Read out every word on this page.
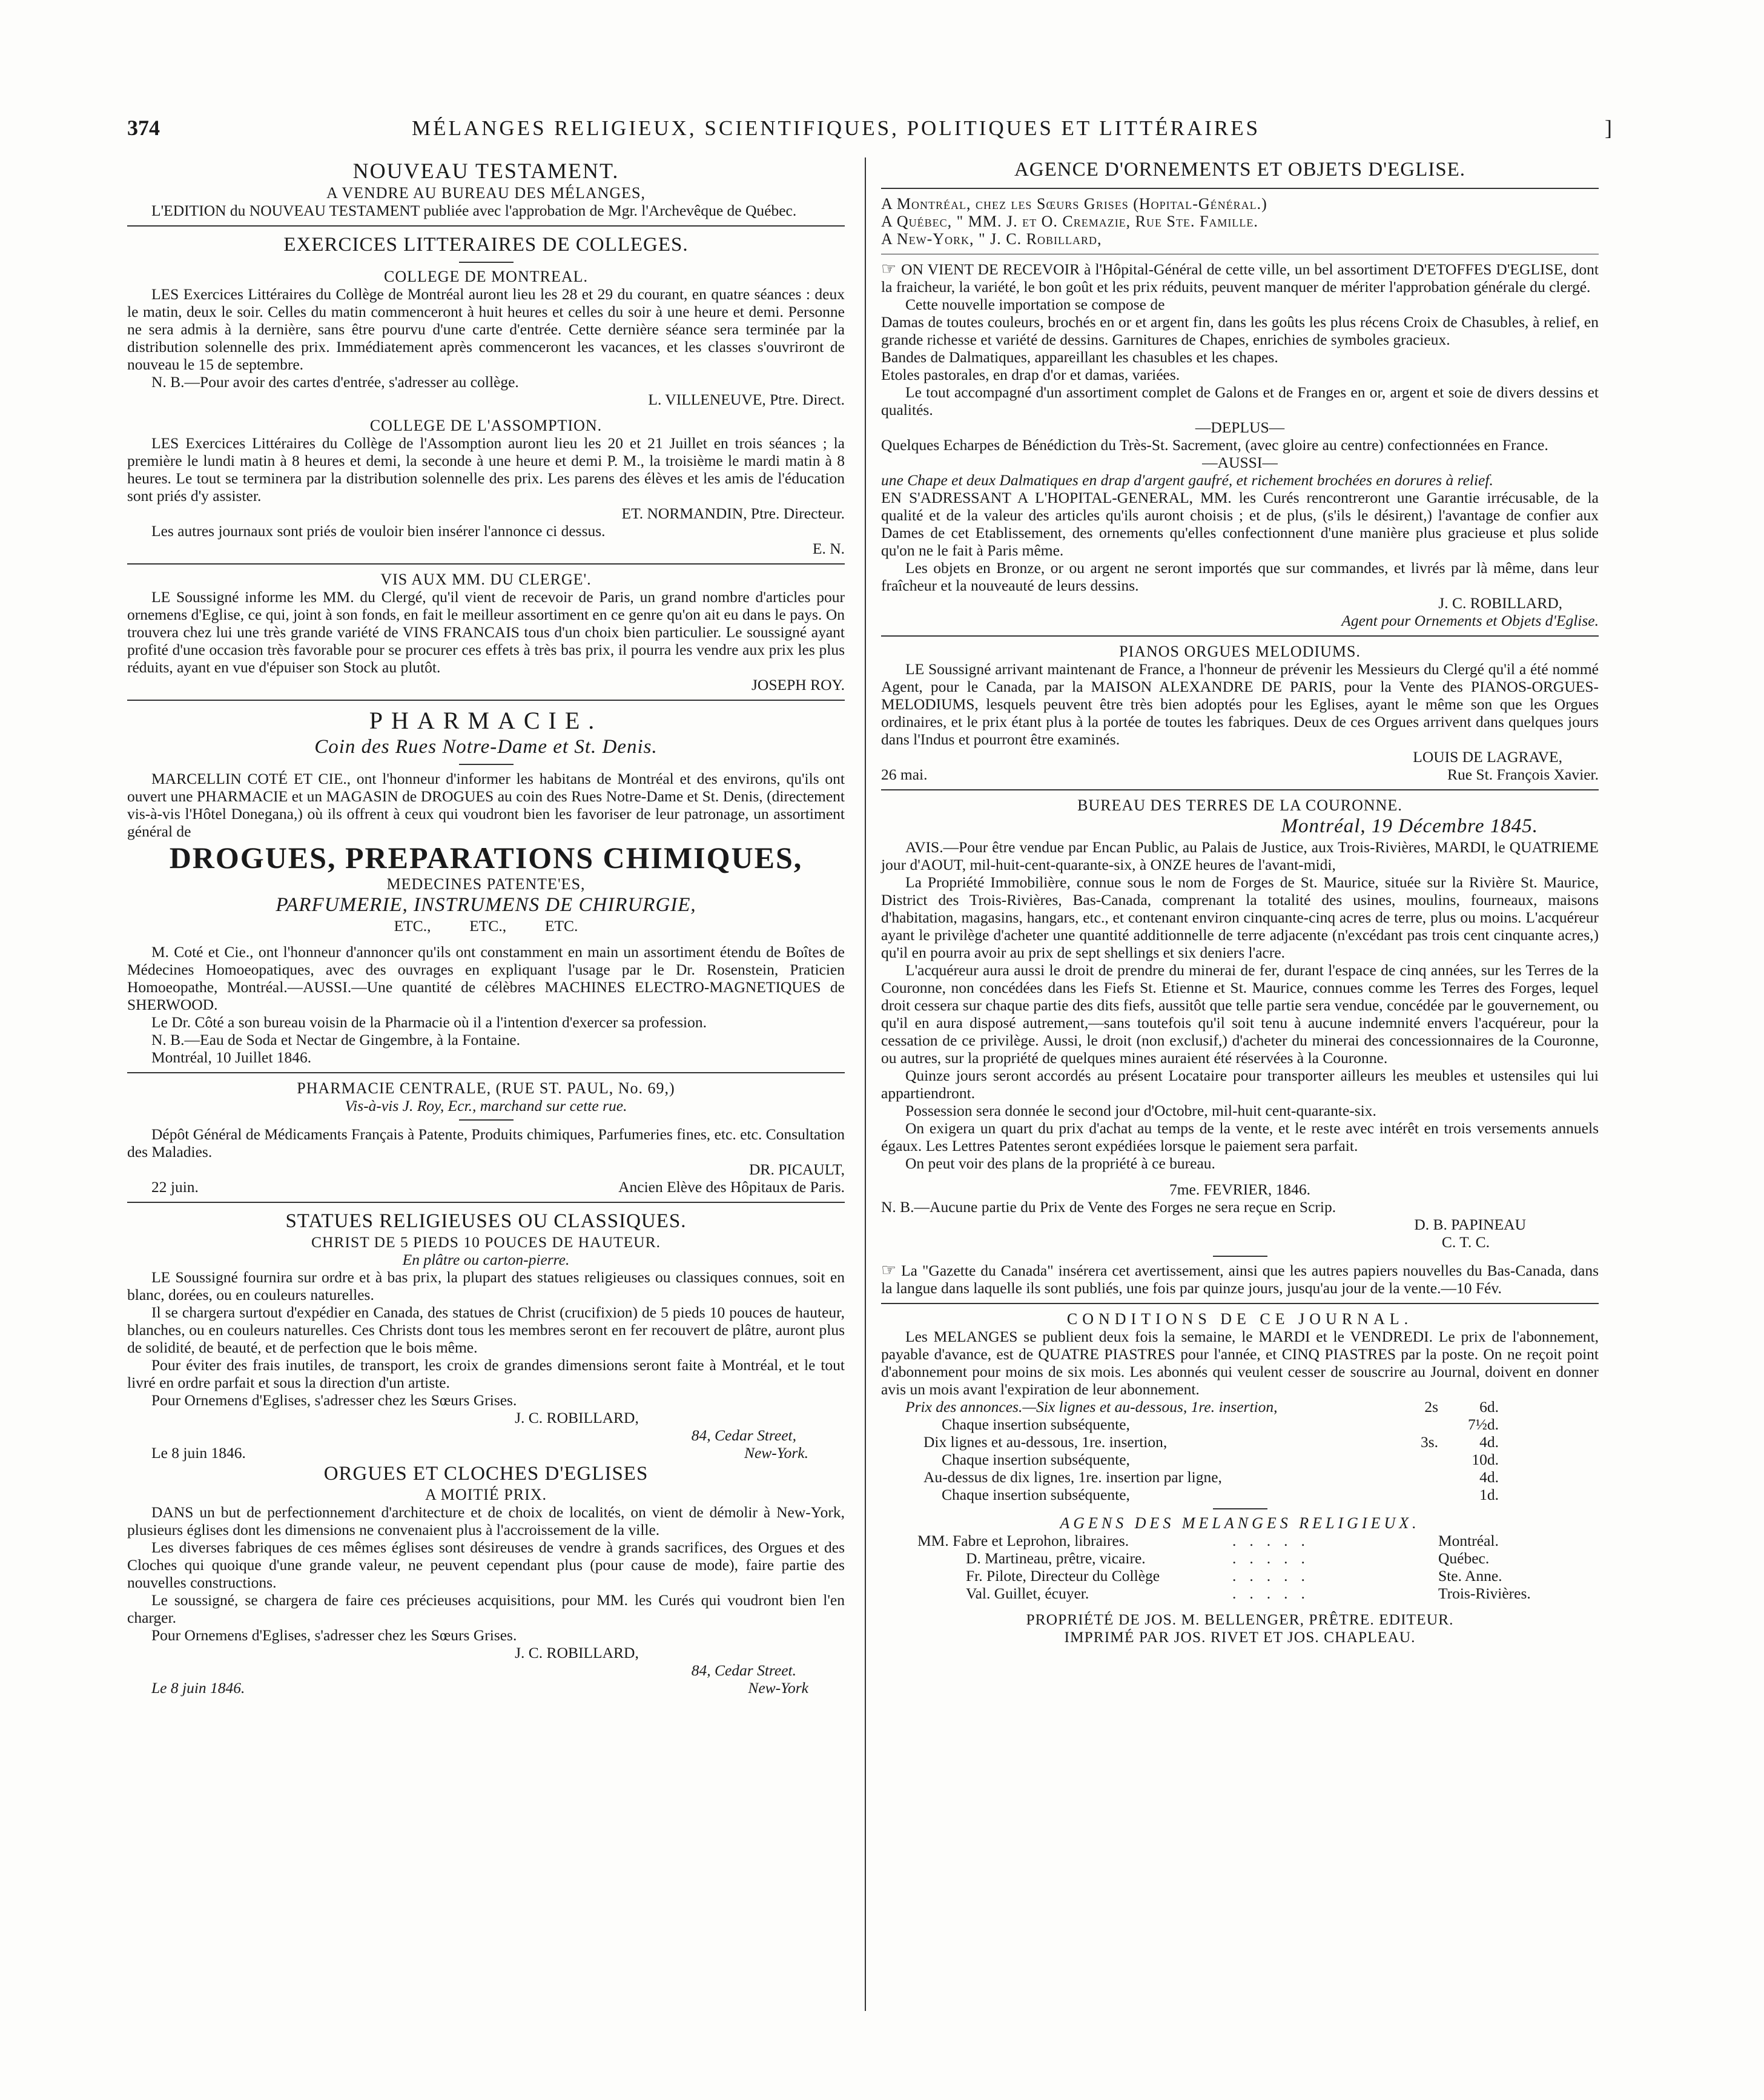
374	MÉLANGES RELIGIEUX, SCIENTIFIQUES, POLITIQUES ET LITTÉRAIRES	]

NOUVEAU TESTAMENT.

A VENDRE AU BUREAU DES MÉLANGES,

L'EDITION du NOUVEAU TESTAMENT publiée avec l'approbation de Mgr. l'Archevêque de Québec.

EXERCICES LITTERAIRES DE COLLEGES.

COLLEGE DE MONTREAL.

LES Exercices Littéraires du Collège de Montréal auront lieu les 28 et 29 du courant, en quatre séances : deux le matin, deux le soir. Celles du matin commenceront à huit heures et celles du soir à une heure et demi. Personne ne sera admis à la dernière, sans être pourvu d'une carte d'entrée. Cette dernière séance sera terminée par la distribution solennelle des prix. Immédiatement après commenceront les vacances, et les classes s'ouvriront de nouveau le 15 de septembre.

N. B.—Pour avoir des cartes d'entrée, s'adresser au collège.

L. VILLENEUVE, Ptre. Direct.

COLLEGE DE L'ASSOMPTION.

LES Exercices Littéraires du Collège de l'Assomption auront lieu les 20 et 21 Juillet en trois séances ; la première le lundi matin à 8 heures et demi, la seconde à une heure et demi P. M., la troisième le mardi matin à 8 heures. Le tout se terminera par la distribution solennelle des prix. Les parens des élèves et les amis de l'éducation sont priés d'y assister.

ET. NORMANDIN, Ptre. Directeur.

Les autres journaux sont priés de vouloir bien insérer l'annonce ci dessus.

E. N.

VIS AUX MM. DU CLERGE'.

LE Soussigné informe les MM. du Clergé, qu'il vient de recevoir de Paris, un grand nombre d'articles pour ornemens d'Eglise, ce qui, joint à son fonds, en fait le meilleur assortiment en ce genre qu'on ait eu dans le pays. On trouvera chez lui une très grande variété de VINS FRANCAIS tous d'un choix bien particulier. Le soussigné ayant profité d'une occasion très favorable pour se procurer ces effets à très bas prix, il pourra les vendre aux prix les plus réduits, ayant en vue d'épuiser son Stock au plutôt.

JOSEPH ROY.

PHARMACIE.

Coin des Rues Notre-Dame et St. Denis.

MARCELLIN COTÉ ET CIE., ont l'honneur d'informer les habitans de Montréal et des environs, qu'ils ont ouvert une PHARMACIE et un MAGASIN de DROGUES au coin des Rues Notre-Dame et St. Denis, (directement vis-à-vis l'Hôtel Donegana,) où ils offrent à ceux qui voudront bien les favoriser de leur patronage, un assortiment général de

DROGUES, PREPARATIONS CHIMIQUES,

MEDECINES PATENTE'ES,

PARFUMERIE, INSTRUMENS DE CHIRURGIE,

ETC.,          ETC.,          ETC.

M. Coté et Cie., ont l'honneur d'annoncer qu'ils ont constamment en main un assortiment étendu de Boîtes de Médecines Homoeopatiques, avec des ouvrages en expliquant l'usage par le Dr. Rosenstein, Praticien Homoeopathe, Montréal.—AUSSI.—Une quantité de célèbres MACHINES ELECTRO-MAGNETIQUES de SHERWOOD.

Le Dr. Côté a son bureau voisin de la Pharmacie où il a l'intention d'exercer sa profession.

N. B.—Eau de Soda et Nectar de Gingembre, à la Fontaine.

Montréal, 10 Juillet 1846.

PHARMACIE CENTRALE, (RUE ST. PAUL, No. 69,)

Vis-à-vis J. Roy, Ecr., marchand sur cette rue.

Dépôt Général de Médicaments Français à Patente, Produits chimiques, Parfumeries fines, etc. etc. Consultation des Maladies.

DR. PICAULT,

22 juin.	Ancien Elève des Hôpitaux de Paris.

STATUES RELIGIEUSES OU CLASSIQUES.

CHRIST DE 5 PIEDS 10 POUCES DE HAUTEUR.

En plâtre ou carton-pierre.

LE Soussigné fournira sur ordre et à bas prix, la plupart des statues religieuses ou classiques connues, soit en blanc, dorées, ou en couleurs naturelles.

Il se chargera surtout d'expédier en Canada, des statues de Christ (crucifixion) de 5 pieds 10 pouces de hauteur, blanches, ou en couleurs naturelles. Ces Christs dont tous les membres seront en fer recouvert de plâtre, auront plus de solidité, de beauté, et de perfection que le bois même.

Pour éviter des frais inutiles, de transport, les croix de grandes dimensions seront faite à Montréal, et le tout livré en ordre parfait et sous la direction d'un artiste.

Pour Ornemens d'Eglises, s'adresser chez les Sœurs Grises.

J. C. ROBILLARD,

84, Cedar Street,

Le 8 juin 1846.	New-York.

ORGUES ET CLOCHES D'EGLISES

A MOITIÉ PRIX.

DANS un but de perfectionnement d'architecture et de choix de localités, on vient de démolir à New-York, plusieurs églises dont les dimensions ne convenaient plus à l'accroissement de la ville.

Les diverses fabriques de ces mêmes églises sont désireuses de vendre à grands sacrifices, des Orgues et des Cloches qui quoique d'une grande valeur, ne peuvent cependant plus (pour cause de mode), faire partie des nouvelles constructions.

Le soussigné, se chargera de faire ces précieuses acquisitions, pour MM. les Curés qui voudront bien l'en charger.

Pour Ornemens d'Eglises, s'adresser chez les Sœurs Grises.

J. C. ROBILLARD,

84, Cedar Street.

Le 8 juin 1846.	New-York

AGENCE D'ORNEMENTS ET OBJETS D'EGLISE.

A Montréal, chez les Sœurs Grises (Hopital-Général.)

A Québec, " MM. J. et O. Cremazie, Rue Ste. Famille.

A New-York, " J. C. Robillard,

☞ ON VIENT DE RECEVOIR à l'Hôpital-Général de cette ville, un bel assortiment D'ETOFFES D'EGLISE, dont la fraicheur, la variété, le bon goût et les prix réduits, peuvent manquer de mériter l'approbation générale du clergé.

Cette nouvelle importation se compose de

Damas de toutes couleurs, brochés en or et argent fin, dans les goûts les plus récens Croix de Chasubles, à relief, en grande richesse et variété de dessins. Garnitures de Chapes, enrichies de symboles gracieux.

Bandes de Dalmatiques, appareillant les chasubles et les chapes.

Etoles pastorales, en drap d'or et damas, variées.

Le tout accompagné d'un assortiment complet de Galons et de Franges en or, argent et soie de divers dessins et qualités.

—DEPLUS—

Quelques Echarpes de Bénédiction du Très-St. Sacrement, (avec gloire au centre) confectionnées en France.

—AUSSI—

une Chape et deux Dalmatiques en drap d'argent gaufré, et richement brochées en dorures à relief.

EN S'ADRESSANT A L'HOPITAL-GENERAL, MM. les Curés rencontreront une Garantie irrécusable, de la qualité et de la valeur des articles qu'ils auront choisis ; et de plus, (s'ils le désirent,) l'avantage de confier aux Dames de cet Etablissement, des ornements qu'elles confectionnent d'une manière plus gracieuse et plus solide qu'on ne le fait à Paris même.

Les objets en Bronze, or ou argent ne seront importés que sur commandes, et livrés par là même, dans leur fraîcheur et la nouveauté de leurs dessins.

J. C. ROBILLARD,

Agent pour Ornements et Objets d'Eglise.

PIANOS ORGUES MELODIUMS.

LE Soussigné arrivant maintenant de France, a l'honneur de prévenir les Messieurs du Clergé qu'il a été nommé Agent, pour le Canada, par la MAISON ALEXANDRE DE PARIS, pour la Vente des PIANOS-ORGUES-MELODIUMS, lesquels peuvent être très bien adoptés pour les Eglises, ayant le même son que les Orgues ordinaires, et le prix étant plus à la portée de toutes les fabriques. Deux de ces Orgues arrivent dans quelques jours dans l'Indus et pourront être examinés.

LOUIS DE LAGRAVE,

26 mai.	Rue St. François Xavier.

BUREAU DES TERRES DE LA COURONNE.

Montréal, 19 Décembre 1845.

AVIS.—Pour être vendue par Encan Public, au Palais de Justice, aux Trois-Rivières, MARDI, le QUATRIEME jour d'AOUT, mil-huit-cent-quarante-six, à ONZE heures de l'avant-midi,

La Propriété Immobilière, connue sous le nom de Forges de St. Maurice, située sur la Rivière St. Maurice, District des Trois-Rivières, Bas-Canada, comprenant la totalité des usines, moulins, fourneaux, maisons d'habitation, magasins, hangars, etc., et contenant environ cinquante-cinq acres de terre, plus ou moins. L'acquéreur ayant le privilège d'acheter une quantité additionnelle de terre adjacente (n'excédant pas trois cent cinquante acres,) qu'il en pourra avoir au prix de sept shellings et six deniers l'acre.

L'acquéreur aura aussi le droit de prendre du minerai de fer, durant l'espace de cinq années, sur les Terres de la Couronne, non concédées dans les Fiefs St. Etienne et St. Maurice, connues comme les Terres des Forges, lequel droit cessera sur chaque partie des dits fiefs, aussitôt que telle partie sera vendue, concédée par le gouvernement, ou qu'il en aura disposé autrement,—sans toutefois qu'il soit tenu à aucune indemnité envers l'acquéreur, pour la cessation de ce privilège. Aussi, le droit (non exclusif,) d'acheter du minerai des concessionnaires de la Couronne, ou autres, sur la propriété de quelques mines auraient été réservées à la Couronne.

Quinze jours seront accordés au présent Locataire pour transporter ailleurs les meubles et ustensiles qui lui appartiendront.

Possession sera donnée le second jour d'Octobre, mil-huit cent-quarante-six.

On exigera un quart du prix d'achat au temps de la vente, et le reste avec intérêt en trois versements annuels égaux. Les Lettres Patentes seront expédiées lorsque le paiement sera parfait.

On peut voir des plans de la propriété à ce bureau.

7me. FEVRIER, 1846.

N. B.—Aucune partie du Prix de Vente des Forges ne sera reçue en Scrip.

D. B. PAPINEAU

C. T. C.

☞ La "Gazette du Canada" insérera cet avertissement, ainsi que les autres papiers nouvelles du Bas-Canada, dans la langue dans laquelle ils sont publiés, une fois par quinze jours, jusqu'au jour de la vente.—10 Fév.

CONDITIONS DE CE JOURNAL.

Les MELANGES se publient deux fois la semaine, le MARDI et le VENDREDI. Le prix de l'abonnement, payable d'avance, est de QUATRE PIASTRES pour l'année, et CINQ PIASTRES par la poste. On ne reçoit point d'abonnement pour moins de six mois. Les abonnés qui veulent cesser de souscrire au Journal, doivent en donner avis un mois avant l'expiration de leur abonnement.

Prix des annonces.—Six lignes et au-dessous, 1re. insertion,	2s	6d.
Chaque insertion subséquente,	7½d.
Dix lignes et au-dessous, 1re. insertion,	3s.	4d.
Chaque insertion subséquente,	10d.
Au-dessus de dix lignes, 1re. insertion par ligne,	4d.
Chaque insertion subséquente,	1d.

AGENS DES MELANGES RELIGIEUX.

MM. Fabre et Leprohon, libraires.	.....	Montréal.
D. Martineau, prêtre, vicaire.	.....	Québec.
Fr. Pilote, Directeur du Collège	.....	Ste. Anne.
Val. Guillet, écuyer.	.....	Trois-Rivières.

PROPRIÉTÉ DE JOS. M. BELLENGER, PRÊTRE. EDITEUR.

IMPRIMÉ PAR JOS. RIVET ET JOS. CHAPLEAU.
